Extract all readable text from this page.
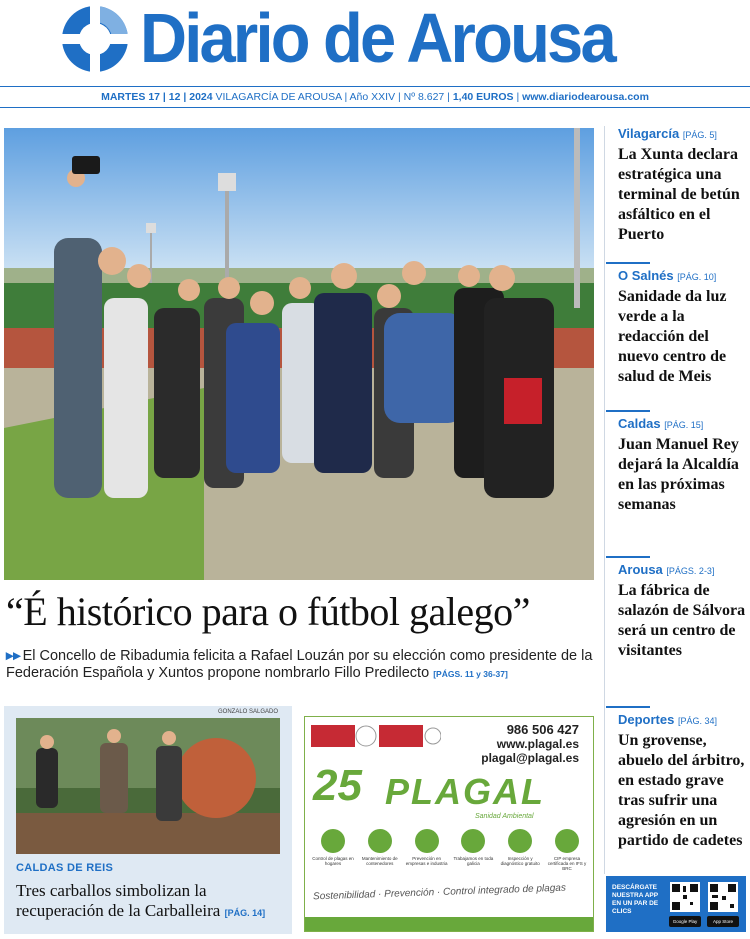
Diario de Arousa
MARTES 17 | 12 | 2024 VILAGARCÍA DE AROUSA | Año XXIV | Nº 8.627 | 1,40 EUROS | www.diariodearousa.com
“É histórico para o fútbol galego”
▸▸ El Concello de Ribadumia felicita a Rafael Louzán por su elección como presidente de la Federación Española y Xuntos propone nombrarlo Fillo Predilecto [PÁGS. 11 y 36-37]
Vilagarcía [PÁG. 5]
La Xunta declara estratégica una terminal de betún asfáltico en el Puerto
O Salnés [PÁG. 10]
Sanidade da luz verde a la redacción del nuevo centro de salud de Meis
Caldas [PÁG. 15]
Juan Manuel Rey dejará la Alcaldía en las próximas semanas
Arousa [PÁGS. 2-3]
La fábrica de salazón de Sálvora será un centro de visitantes
Deportes [PÁG. 34]
Un grovense, abuelo del árbitro, en estado grave tras sufrir una agresión en un partido de cadetes
GONZALO SALGADO
CALDAS DE REIS
Tres carballos simbolizan la recuperación de la Carballeira [PÁG. 14]
986 506 427
www.plagal.es
plagal@plagal.es
25 PLAGAL
Sanidad Ambiental
Control de plagas en hogares
Mantenimiento de contenedores
Prevención en empresas e industria
Trabajamos en toda galicia
Inspección y diagnóstico gratuito
CIP empresa certificada en IFS y BRC
Sostenibilidad · Prevención · Control integrado de plagas	DESCÁRGATE NUESTRA APP EN UN PAR DE CLICS
Google Play	App Store
